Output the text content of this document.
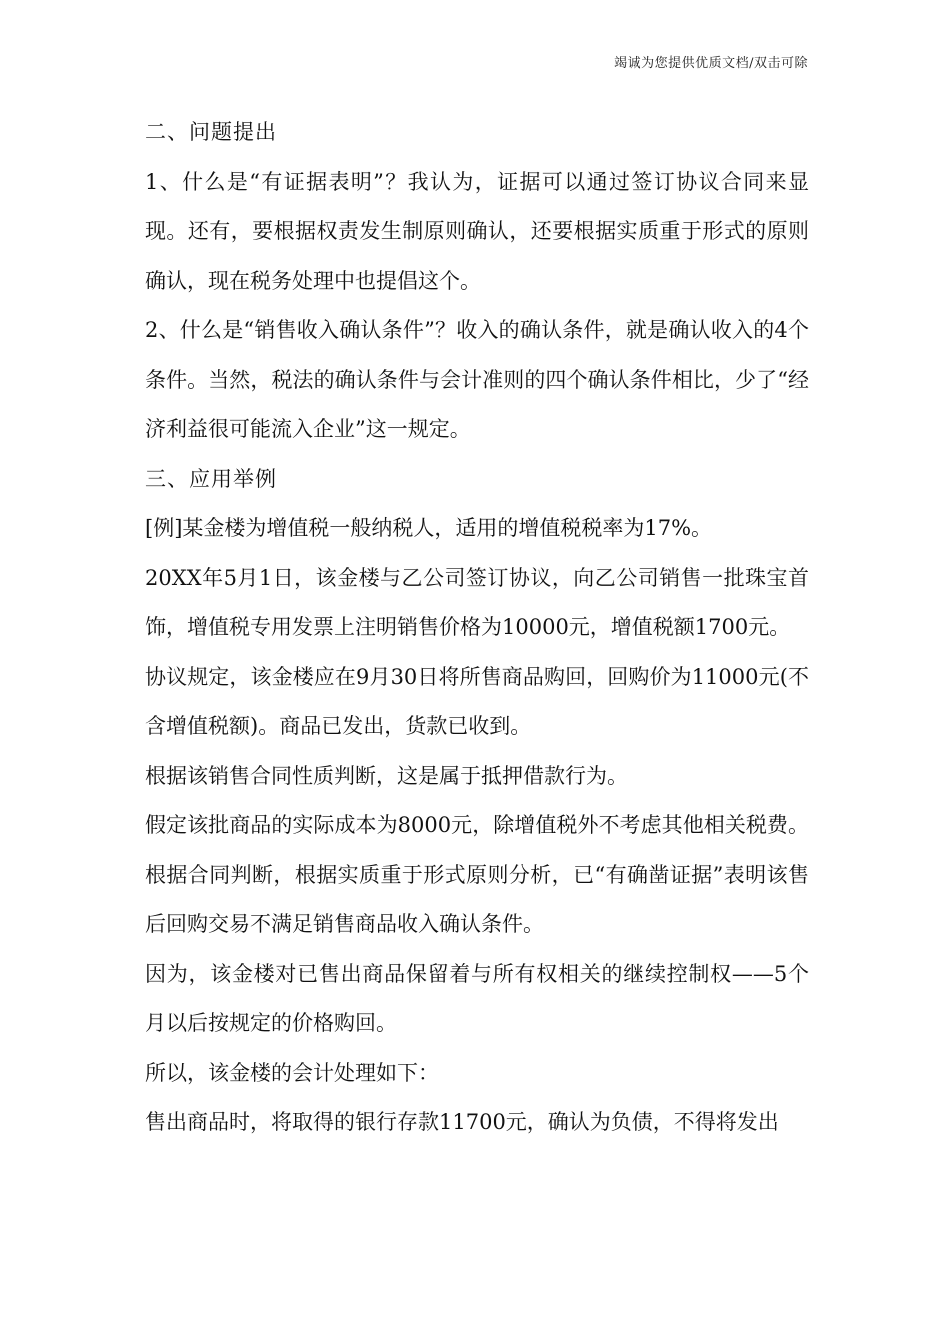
竭诚为您提供优质文档/双击可除

二、问题提出

1、什么是“有证据表明”？我认为，证据可以通过签订协议合同来显现。还有，要根据权责发生制原则确认，还要根据实质重于形式的原则确认，现在税务处理中也提倡这个。

2、什么是“销售收入确认条件”？收入的确认条件，就是确认收入的4个条件。当然，税法的确认条件与会计准则的四个确认条件相比，少了“经济利益很可能流入企业”这一规定。

三、应用举例

[例]某金楼为增值税一般纳税人，适用的增值税税率为17%。

20XX年5月1日，该金楼与乙公司签订协议，向乙公司销售一批珠宝首饰，增值税专用发票上注明销售价格为10000元，增值税额1700元。

协议规定，该金楼应在9月30日将所售商品购回，回购价为11000元(不含增值税额)。商品已发出，货款已收到。

根据该销售合同性质判断，这是属于抵押借款行为。

假定该批商品的实际成本为8000元，除增值税外不考虑其他相关税费。根据合同判断，根据实质重于形式原则分析，已“有确凿证据”表明该售后回购交易不满足销售商品收入确认条件。

因为，该金楼对已售出商品保留着与所有权相关的继续控制权——5个月以后按规定的价格购回。

所以，该金楼的会计处理如下：

售出商品时，将取得的银行存款11700元，确认为负债，不得将发出
